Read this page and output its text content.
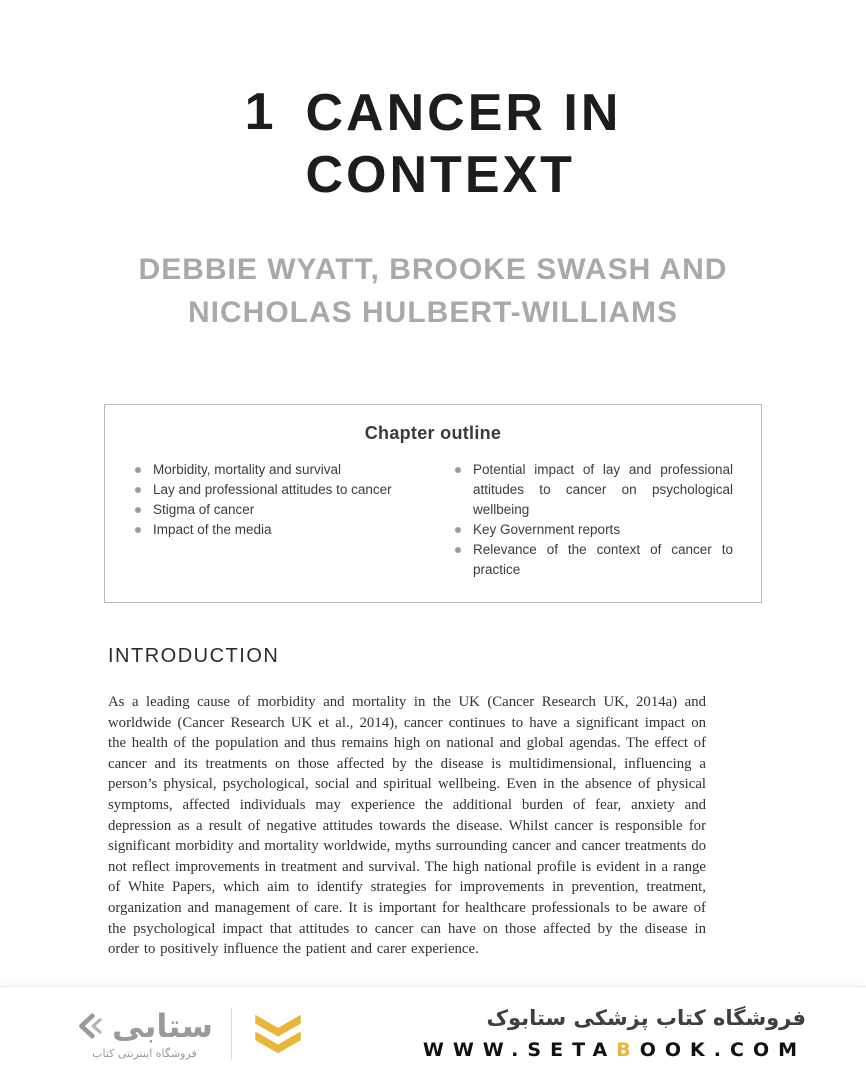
1 CANCER IN
CONTEXT
DEBBIE WYATT, BROOKE SWASH AND
NICHOLAS HULBERT-WILLIAMS
Chapter outline
Morbidity, mortality and survival
Lay and professional attitudes to cancer
Stigma of cancer
Impact of the media
Potential impact of lay and professional attitudes to cancer on psychological wellbeing
Key Government reports
Relevance of the context of cancer to practice
INTRODUCTION

As a leading cause of morbidity and mortality in the UK (Cancer Research UK, 2014a) and worldwide (Cancer Research UK et al., 2014), cancer continues to have a significant impact on the health of the population and thus remains high on national and global agendas. The effect of cancer and its treatments on those affected by the disease is multidimensional, influencing a person’s physical, psychological, social and spiritual wellbeing. Even in the absence of physical symptoms, affected individuals may experience the additional burden of fear, anxiety and depression as a result of negative attitudes towards the disease. Whilst cancer is responsible for significant morbidity and mortality worldwide, myths surrounding cancer and cancer treatments do not reflect improvements in treatment and survival. The high national profile is evident in a range of White Papers, which aim to identify strategies for improvements in prevention, treatment, organization and management of care. It is important for healthcare professionals to be aware of the psychological impact that attitudes to cancer can have on those affected by the disease in order to positively influence the patient and carer experience.

ستابی
فروشگاه اینترنتی کتاب
فروشگاه کتاب پزشکی ستابوک
WWW.SETABOOK.COM
